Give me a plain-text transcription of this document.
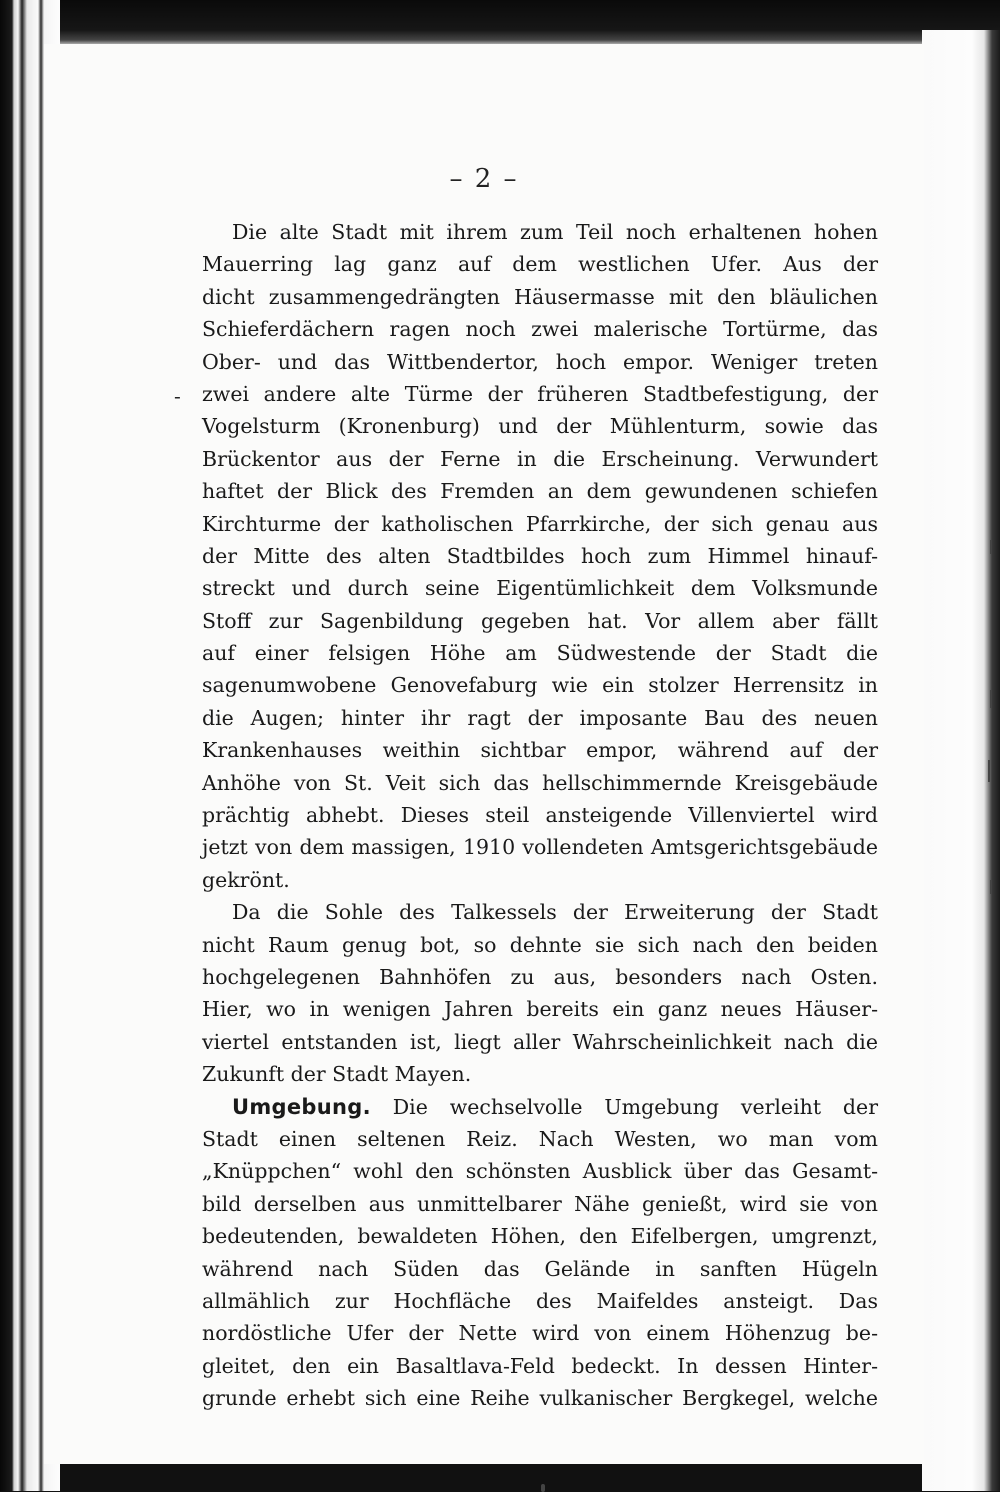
– 2 –
Die alte Stadt mit ihrem zum Teil noch erhaltenen hohen
Mauerring lag ganz auf dem westlichen Ufer. Aus der
dicht zusammengedrängten Häusermasse mit den bläulichen
Schieferdächern ragen noch zwei malerische Tortürme, das
Ober- und das Wittbendertor, hoch empor. Weniger treten
zwei andere alte Türme der früheren Stadtbefestigung, der
Vogelsturm (Kronenburg) und der Mühlenturm, sowie das
Brückentor aus der Ferne in die Erscheinung. Verwundert
haftet der Blick des Fremden an dem gewundenen schiefen
Kirchturme der katholischen Pfarrkirche, der sich genau aus
der Mitte des alten Stadtbildes hoch zum Himmel hinauf-
streckt und durch seine Eigentümlichkeit dem Volksmunde
Stoff zur Sagenbildung gegeben hat. Vor allem aber fällt
auf einer felsigen Höhe am Südwestende der Stadt die
sagenumwobene Genovefaburg wie ein stolzer Herrensitz in
die Augen; hinter ihr ragt der imposante Bau des neuen
Krankenhauses weithin sichtbar empor, während auf der
Anhöhe von St. Veit sich das hellschimmernde Kreisgebäude
prächtig abhebt. Dieses steil ansteigende Villenviertel wird
jetzt von dem massigen, 1910 vollendeten Amtsgerichtsgebäude
gekrönt.
Da die Sohle des Talkessels der Erweiterung der Stadt
nicht Raum genug bot, so dehnte sie sich nach den beiden
hochgelegenen Bahnhöfen zu aus, besonders nach Osten.
Hier, wo in wenigen Jahren bereits ein ganz neues Häuser-
viertel entstanden ist, liegt aller Wahrscheinlichkeit nach die
Zukunft der Stadt Mayen.
Umgebung. Die wechselvolle Umgebung verleiht der
Stadt einen seltenen Reiz. Nach Westen, wo man vom
„Knüppchen“ wohl den schönsten Ausblick über das Gesamt-
bild derselben aus unmittelbarer Nähe genießt, wird sie von
bedeutenden, bewaldeten Höhen, den Eifelbergen, umgrenzt,
während nach Süden das Gelände in sanften Hügeln
allmählich zur Hochfläche des Maifeldes ansteigt. Das
nordöstliche Ufer der Nette wird von einem Höhenzug be-
gleitet, den ein Basaltlava-Feld bedeckt. In dessen Hinter-
grunde erhebt sich eine Reihe vulkanischer Bergkegel, welche
-
